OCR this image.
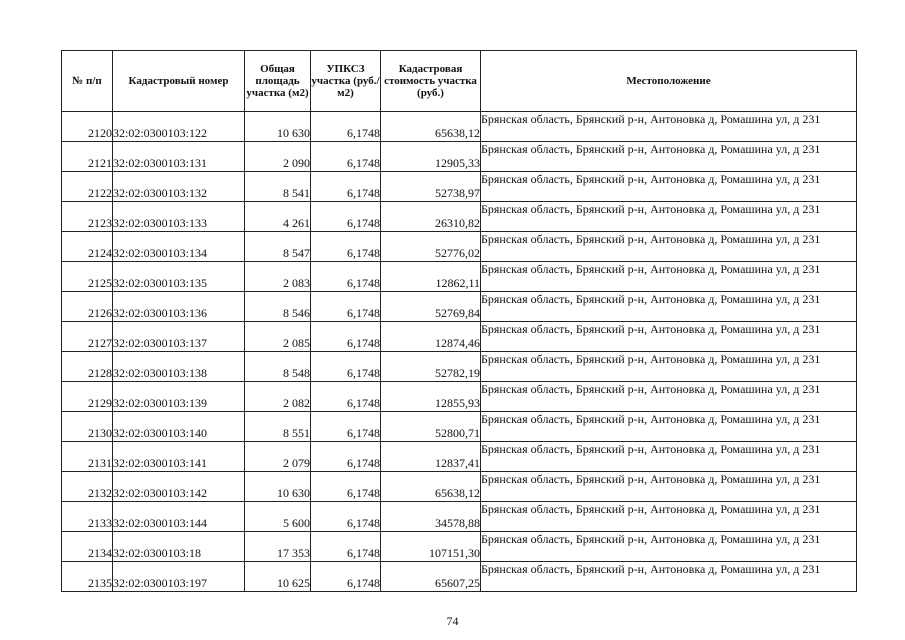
№ п/п	Кадастровый номер	Общая площадь участка (м2)	УПКСЗ участка (руб./м2)	Кадастровая стоимость участка (руб.)	Местоположение
2120	32:02:0300103:122	10 630	6,1748	65638,12	Брянская область, Брянский р-н, Антоновка д, Ромашина ул, д 231
2121	32:02:0300103:131	2 090	6,1748	12905,33	Брянская область, Брянский р-н, Антоновка д, Ромашина ул, д 231
2122	32:02:0300103:132	8 541	6,1748	52738,97	Брянская область, Брянский р-н, Антоновка д, Ромашина ул, д 231
2123	32:02:0300103:133	4 261	6,1748	26310,82	Брянская область, Брянский р-н, Антоновка д, Ромашина ул, д 231
2124	32:02:0300103:134	8 547	6,1748	52776,02	Брянская область, Брянский р-н, Антоновка д, Ромашина ул, д 231
2125	32:02:0300103:135	2 083	6,1748	12862,11	Брянская область, Брянский р-н, Антоновка д, Ромашина ул, д 231
2126	32:02:0300103:136	8 546	6,1748	52769,84	Брянская область, Брянский р-н, Антоновка д, Ромашина ул, д 231
2127	32:02:0300103:137	2 085	6,1748	12874,46	Брянская область, Брянский р-н, Антоновка д, Ромашина ул, д 231
2128	32:02:0300103:138	8 548	6,1748	52782,19	Брянская область, Брянский р-н, Антоновка д, Ромашина ул, д 231
2129	32:02:0300103:139	2 082	6,1748	12855,93	Брянская область, Брянский р-н, Антоновка д, Ромашина ул, д 231
2130	32:02:0300103:140	8 551	6,1748	52800,71	Брянская область, Брянский р-н, Антоновка д, Ромашина ул, д 231
2131	32:02:0300103:141	2 079	6,1748	12837,41	Брянская область, Брянский р-н, Антоновка д, Ромашина ул, д 231
2132	32:02:0300103:142	10 630	6,1748	65638,12	Брянская область, Брянский р-н, Антоновка д, Ромашина ул, д 231
2133	32:02:0300103:144	5 600	6,1748	34578,88	Брянская область, Брянский р-н, Антоновка д, Ромашина ул, д 231
2134	32:02:0300103:18	17 353	6,1748	107151,30	Брянская область, Брянский р-н, Антоновка д, Ромашина ул, д 231
2135	32:02:0300103:197	10 625	6,1748	65607,25	Брянская область, Брянский р-н, Антоновка д, Ромашина ул, д 231
74
